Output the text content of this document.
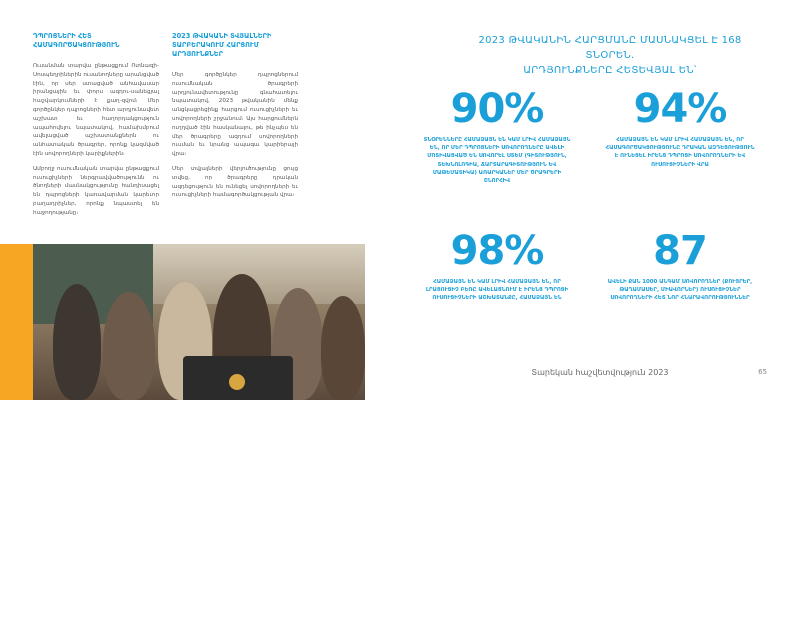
ԴՊՐՈՑՆԵՐԻ ՀԵՏ ՀԱՄԱԳՈՐԾԱԿՑՈՒԹՅՈՒՆ

Ուսանման տարվա ընթացքում Ոտնազի-Սոսպեղրիներին ուսանողները արանցված էին, որ սեր ստացված անհավասար իրանցային եւ փորս ազդու-սանեցյալ հաշվարկումների է քաղ-զվոմ։ Մեր գործընկեր դպրոցների հետ արդյունավետ աշխատ եւ հաղորդակցություն ապահովելու նպատակով, համախմբում ավելացված աշխատանքներն ու անհատական ծրագրեր, որոնք կազմված էին սովորողների կարիքներին։

Ամբողջ ուսումնական տարվա ընթացքում ուսուցիչների ներգրավվածությունն ու ծնողների մասնակցությունը հանդիսացել են դպրոցների կառավարման կարեւոր բաղադրիչներ, որոնք նպաստել են հաջողությանը։

2023 ԹՎԱԿԱՆԻ ՏՎՅԱԼՆԵՐԻ ՏԱՐԲԵՐԱԿՈՒՄ ՀԱՐՑՈՒՄ ԱՐԴՅՈՒՆՔՆԵՐ

Մեր գործընկեր դպրոցներում ուսումնական ծրագրերի արդյունավետությունը գնահատելու նպատակով, 2023 թվականին մենք անցկացրեցինք հարցում ուսուցիչների եւ սովորողների շրջանում։ Այս հարցումներն ուղղված էին հասկանալու, թե ինչպես են մեր ծրագրերը ազդում սովորողների ուսման եւ նրանց ապագա կարիերայի վրա։

Մեր տվյալների վերլուծությունը ցույց տվեց, որ ծրագրերը դրական ազդեցություն են ունեցել սովորողների եւ ուսուցիչների համագործակցության վրա։

64
2023 ԹՎԱԿԱՆԻՆ ՀԱՐՑՄԱՆԸ ՄԱՍՆԱԿՑԵԼ Է 168 ՏՆՕՐԵՆ.
ԱՐԴՅՈՒՆՔՆԵՐԸ ՀԵՏԵՎՅԱԼ ԵՆ՝
90%
ՏՆՕՐԵՆՆԵՐԸ ՀԱՄԱՁԱՅՆ ԵՆ ԿԱՄ ԼՐԻՎ ՀԱՄԱՁԱՅՆ ԵՆ, ՈՐ ՄԵՐ ԴՊՐՈՑՆԵՐԻ ՍՈՎՈՐՈՂՆԵՐԸ ԱՎԵԼԻ ՄՈՏԻՎԱՑՎԱԾ ԵՆ ՍՈՎՈՐԵԼ ՍՏԵՄ (ԳԻՏՈՒԹՅՈՒՆ, ՏԵԽՆՈԼՈԳԻԱ, ՃԱՐՏԱՐԱԳԻՏՈՒԹՅՈՒՆ ԵՎ ՄԱԹԵՄԱՏԻԿԱ) ԱՌԱՐԿԱՆԵՐ ՄԵՐ ԾՐԱԳՐԵՐԻ ՇՆՈՐՀԻՎ
94%
ՀԱՄԱՁԱՅՆ ԵՆ ԿԱՄ ԼՐԻՎ ՀԱՄԱՁԱՅՆ ԵՆ, ՈՐ ՀԱՄԱԳՈՐԾԱԿՑՈՒԹՅՈՒՆԸ ԴՐԱԿԱՆ ԱԶԴԵՑՈՒԹՅՈՒՆ Է ՈՒՆԵՑԵԼ ԻՐԵՆՑ ԴՊՐՈՑԻ ՍՈՎՈՐՈՂՆԵՐԻ ԵՎ ՈՒՍՈՒՑԻՉՆԵՐԻ ՎՐԱ
98%
ՀԱՄԱՁԱՅՆ ԵՆ ԿԱՄ ԼՐԻՎ ՀԱՄԱՁԱՅՆ ԵՆ, ՈՐ ԼՐԱՑՈՒՑԻՉ ԲԵՌԸ ԱՎԵԼԱՑՆՈՒՄ Է ԻՐԵՆՑ ԴՊՐՈՑԻ ՈՒՍՈՒՑԻՉՆԵՐԻ ԱՇԽԱՏԱՆՔԸ, ՀԱՄԱՁԱՅՆ ԵՆ
87
ԱՎԵԼԻ ՔԱՆ 1000 ԱՆԳԱՄ ՍՈՎՈՐՈՂՆԵՐ (ՔՈՒՅՐԵՐ, ԹԱՂԱՄԱՍԵՐ, ՄԻԱՎՈՐՆԵՐ) ՈՒՍՈՒՑԻՉՆԵՐ ՍՈՎՈՐՈՂՆԵՐԻ ՀԵՏ ՆՈՐ ՀՆԱՐԱՎՈՐՈՒԹՅՈՒՆՆԵՐ
Տարեկան հաշվետվություն 2023	65
